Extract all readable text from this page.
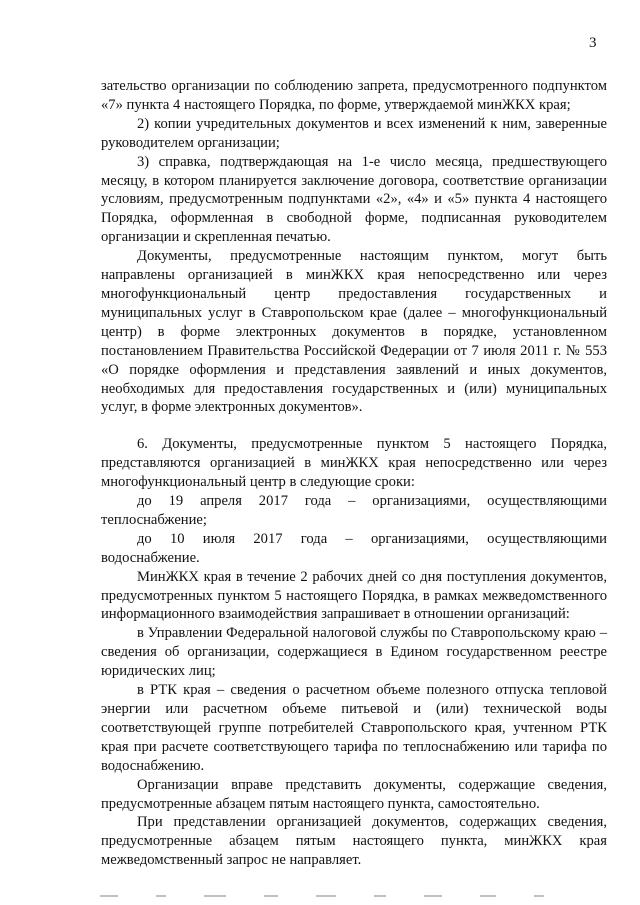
3

зательство организации по соблюдению запрета, предусмотренного подпунктом «7» пункта 4 настоящего Порядка, по форме, утверждаемой минЖКХ края;

2) копии учредительных документов и всех изменений к ним, заверенные руководителем организации;

3) справка, подтверждающая на 1-е число месяца, предшествующего месяцу, в котором планируется заключение договора, соответствие организации условиям, предусмотренным подпунктами «2», «4» и «5» пункта 4 настоящего Порядка, оформленная в свободной форме, подписанная руководителем организации и скрепленная печатью.

Документы, предусмотренные настоящим пунктом, могут быть направлены организацией в минЖКХ края непосредственно или через многофункциональный центр предоставления государственных и муниципальных услуг в Ставропольском крае (далее – многофункциональный центр) в форме электронных документов в порядке, установленном постановлением Правительства Российской Федерации от 7 июля 2011 г. № 553 «О порядке оформления и представления заявлений и иных документов, необходимых для предоставления государственных и (или) муниципальных услуг, в форме электронных документов».

6. Документы, предусмотренные пунктом 5 настоящего Порядка, представляются организацией в минЖКХ края непосредственно или через многофункциональный центр в следующие сроки:

до 19 апреля 2017 года – организациями, осуществляющими теплоснабжение;

до 10 июля 2017 года – организациями, осуществляющими водоснабжение.

МинЖКХ края в течение 2 рабочих дней со дня поступления документов, предусмотренных пунктом 5 настоящего Порядка, в рамках межведомственного информационного взаимодействия запрашивает в отношении организаций:

в Управлении Федеральной налоговой службы по Ставропольскому краю – сведения об организации, содержащиеся в Едином государственном реестре юридических лиц;

в РТК края – сведения о расчетном объеме полезного отпуска тепловой энергии или расчетном объеме питьевой и (или) технической воды соответствующей группе потребителей Ставропольского края, учтенном РТК края при расчете соответствующего тарифа по теплоснабжению или тарифа по водоснабжению.

Организации вправе представить документы, содержащие сведения, предусмотренные абзацем пятым настоящего пункта, самостоятельно.

При представлении организацией документов, содержащих сведения, предусмотренные абзацем пятым настоящего пункта, минЖКХ края межведомственный запрос не направляет.
